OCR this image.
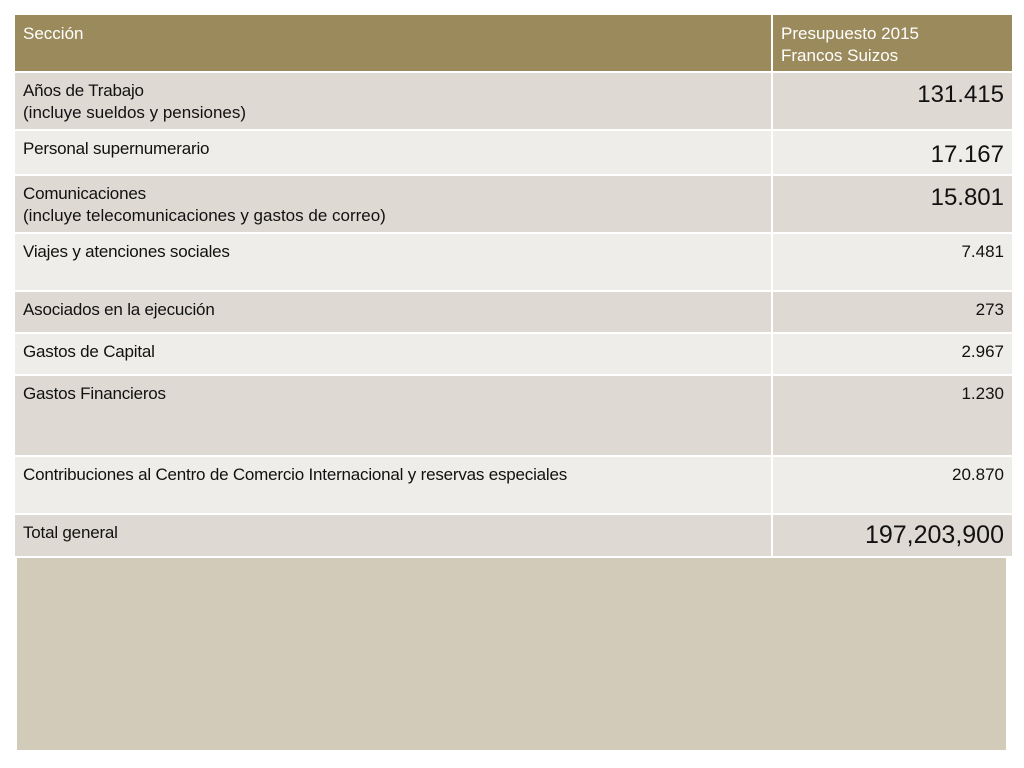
Sección	Presupuesto 2015
Francos Suizos

Años de Trabajo
(incluye sueldos y pensiones)	131.415

Personal supernumerario	17.167

Comunicaciones
(incluye telecomunicaciones y gastos de correo)	15.801

Viajes y atenciones sociales	7.481

Asociados en la ejecución	273

Gastos de Capital	2.967

Gastos Financieros	1.230

Contribuciones al Centro de Comercio Internacional y reservas especiales	20.870

Total general	197,203,900
